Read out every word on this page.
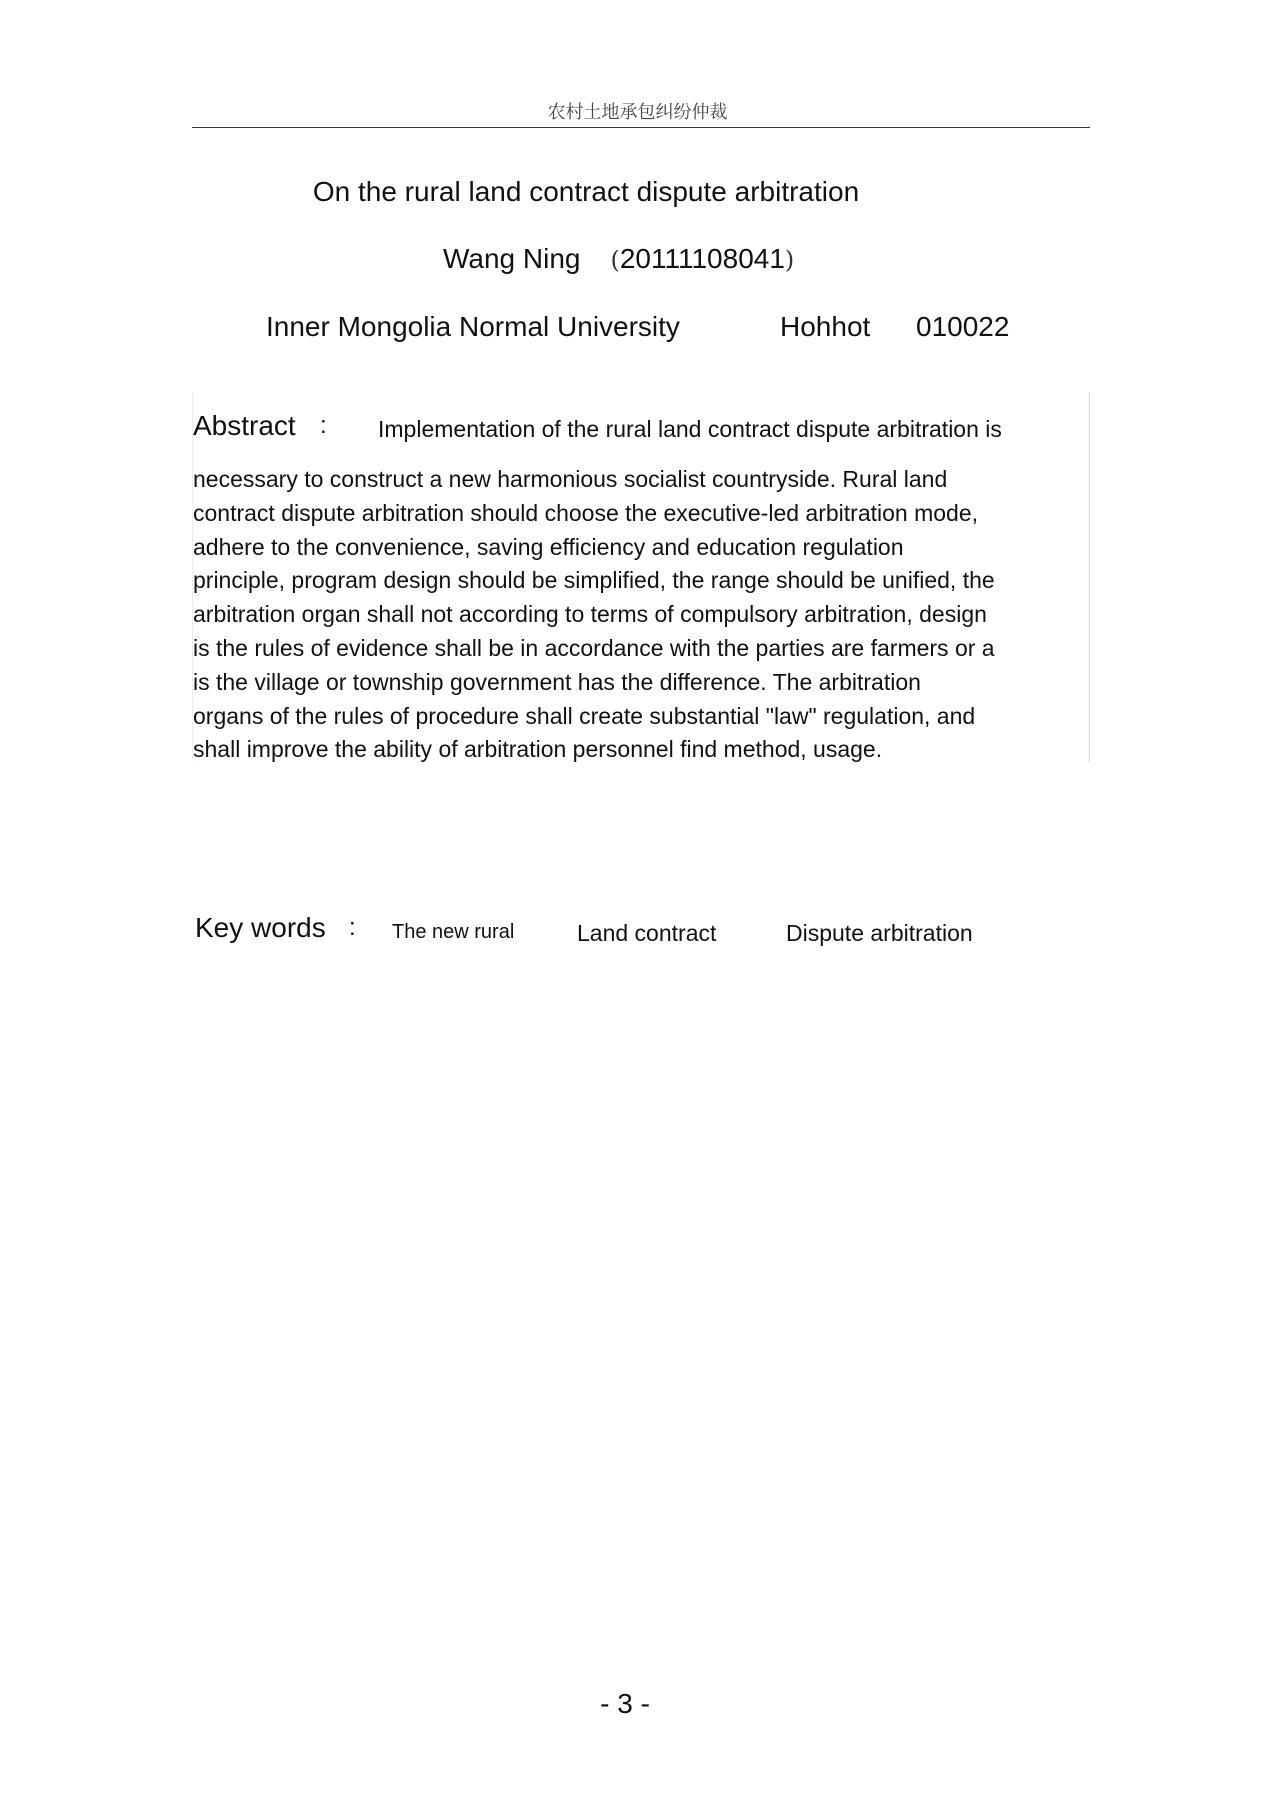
农村土地承包纠纷仲裁
On the rural land contract dispute arbitration
Wang Ning (20111108041)
Inner Mongolia Normal University	Hohhot 010022
Abstract : Implementation of the rural land contract dispute arbitration is
necessary to construct a new harmonious socialist countryside. Rural land
contract dispute arbitration should choose the executive-led arbitration mode,
adhere to the convenience, saving efficiency and education regulation
principle, program design should be simplified, the range should be unified, the
arbitration organ shall not according to terms of compulsory arbitration, design
is the rules of evidence shall be in accordance with the parties are farmers or a
is the village or township government has the difference. The arbitration
organs of the rules of procedure shall create substantial "law" regulation, and
shall improve the ability of arbitration personnel find method, usage.
Key words : The new rural	Land contract	Dispute arbitration
- 3 -
